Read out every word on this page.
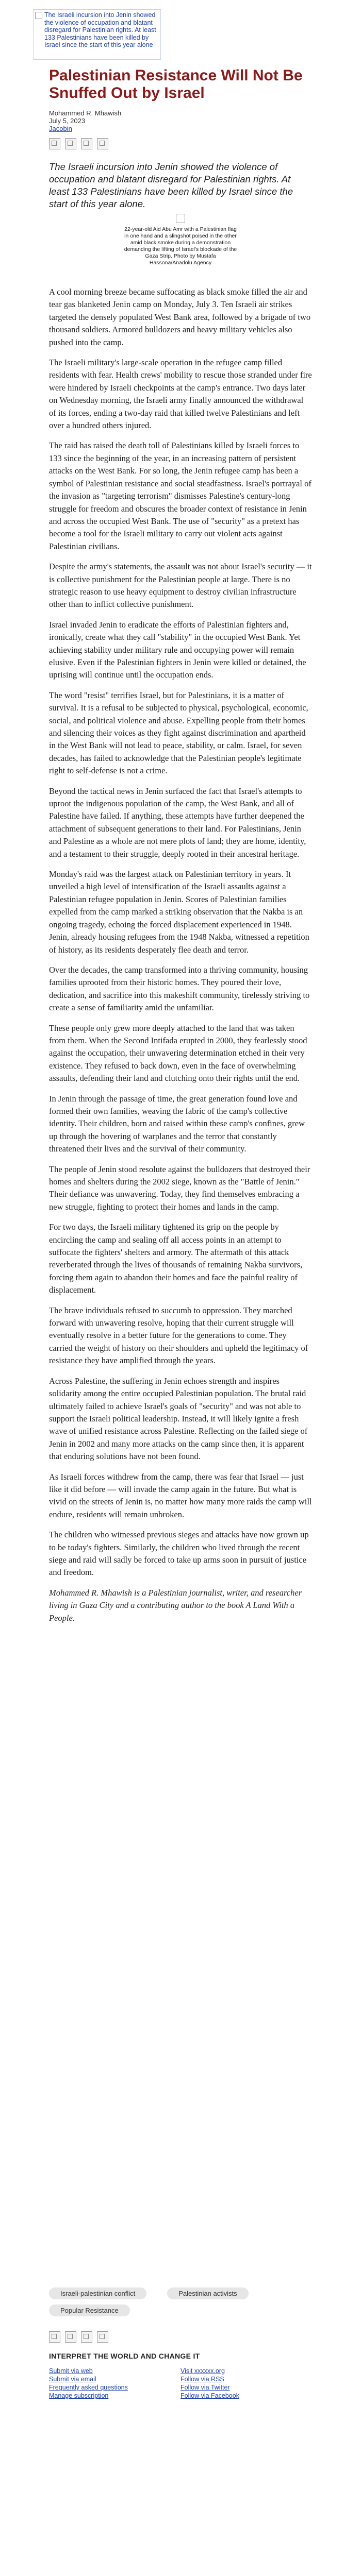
The Israeli incursion into Jenin showed the violence of occupation and blatant disregard for Palestinian rights. At least 133 Palestinians have been killed by Israel since the start of this year alone
Palestinian Resistance Will Not Be Snuffed Out by Israel
Mohammed R. Mhawish
July 5, 2023
Jacobin

The Israeli incursion into Jenin showed the violence of occupation and blatant disregard for Palestinian rights. At least 133 Palestinians have been killed by Israel since the start of this year alone.

22-year-old Aid Abu Amr with a Palestinian flag in one hand and a slingshot poised in the other amid black smoke during a demonstration demanding the lifting of Israel's blockade of the Gaza Strip. Photo by Mustafa Hassona/Anadolu Agency

A cool morning breeze became suffocating as black smoke filled the air and tear gas blanketed Jenin camp on Monday, July 3. Ten Israeli air strikes targeted the densely populated West Bank area, followed by a brigade of two thousand soldiers. Armored bulldozers and heavy military vehicles also pushed into the camp.

The Israeli military's large-scale operation in the refugee camp filled residents with fear. Health crews' mobility to rescue those stranded under fire were hindered by Israeli checkpoints at the camp's entrance. Two days later on Wednesday morning, the Israeli army finally announced the withdrawal of its forces, ending a two-day raid that killed twelve Palestinians and left over a hundred others injured.

The raid has raised the death toll of Palestinians killed by Israeli forces to 133 since the beginning of the year, in an increasing pattern of persistent attacks on the West Bank. For so long, the Jenin refugee camp has been a symbol of Palestinian resistance and social steadfastness. Israel's portrayal of the invasion as "targeting terrorism" dismisses Palestine's century-long struggle for freedom and obscures the broader context of resistance in Jenin and across the occupied West Bank. The use of "security" as a pretext has become a tool for the Israeli military to carry out violent acts against Palestinian civilians.

Despite the army's statements, the assault was not about Israel's security — it is collective punishment for the Palestinian people at large. There is no strategic reason to use heavy equipment to destroy civilian infrastructure other than to inflict collective punishment.

Israel invaded Jenin to eradicate the efforts of Palestinian fighters and, ironically, create what they call "stability" in the occupied West Bank. Yet achieving stability under military rule and occupying power will remain elusive. Even if the Palestinian fighters in Jenin were killed or detained, the uprising will continue until the occupation ends.

The word "resist" terrifies Israel, but for Palestinians, it is a matter of survival. It is a refusal to be subjected to physical, psychological, economic, social, and political violence and abuse. Expelling people from their homes and silencing their voices as they fight against discrimination and apartheid in the West Bank will not lead to peace, stability, or calm. Israel, for seven decades, has failed to acknowledge that the Palestinian people's legitimate right to self-defense is not a crime.

Beyond the tactical news in Jenin surfaced the fact that Israel's attempts to uproot the indigenous population of the camp, the West Bank, and all of Palestine have failed. If anything, these attempts have further deepened the attachment of subsequent generations to their land. For Palestinians, Jenin and Palestine as a whole are not mere plots of land; they are home, identity, and a testament to their struggle, deeply rooted in their ancestral heritage.

Monday's raid was the largest attack on Palestinian territory in years. It unveiled a high level of intensification of the Israeli assaults against a Palestinian refugee population in Jenin. Scores of Palestinian families expelled from the camp marked a striking observation that the Nakba is an ongoing tragedy, echoing the forced displacement experienced in 1948. Jenin, already housing refugees from the 1948 Nakba, witnessed a repetition of history, as its residents desperately flee death and terror.

Over the decades, the camp transformed into a thriving community, housing families uprooted from their historic homes. They poured their love, dedication, and sacrifice into this makeshift community, tirelessly striving to create a sense of familiarity amid the unfamiliar.

These people only grew more deeply attached to the land that was taken from them. When the Second Intifada erupted in 2000, they fearlessly stood against the occupation, their unwavering determination etched in their very existence. They refused to back down, even in the face of overwhelming assaults, defending their land and clutching onto their rights until the end.

In Jenin through the passage of time, the great generation found love and formed their own families, weaving the fabric of the camp's collective identity. Their children, born and raised within these camp's confines, grew up through the hovering of warplanes and the terror that constantly threatened their lives and the survival of their community.

The people of Jenin stood resolute against the bulldozers that destroyed their homes and shelters during the 2002 siege, known as the "Battle of Jenin." Their defiance was unwavering. Today, they find themselves embracing a new struggle, fighting to protect their homes and lands in the camp.

For two days, the Israeli military tightened its grip on the people by encircling the camp and sealing off all access points in an attempt to suffocate the fighters' shelters and armory. The aftermath of this attack reverberated through the lives of thousands of remaining Nakba survivors, forcing them again to abandon their homes and face the painful reality of displacement.

The brave individuals refused to succumb to oppression. They marched forward with unwavering resolve, hoping that their current struggle will eventually resolve in a better future for the generations to come. They carried the weight of history on their shoulders and upheld the legitimacy of resistance they have amplified through the years.

Across Palestine, the suffering in Jenin echoes strength and inspires solidarity among the entire occupied Palestinian population. The brutal raid ultimately failed to achieve Israel's goals of "security" and was not able to support the Israeli political leadership. Instead, it will likely ignite a fresh wave of unified resistance across Palestine. Reflecting on the failed siege of Jenin in 2002 and many more attacks on the camp since then, it is apparent that enduring solutions have not been found.

As Israeli forces withdrew from the camp, there was fear that Israel — just like it did before — will invade the camp again in the future. But what is vivid on the streets of Jenin is, no matter how many more raids the camp will endure, residents will remain unbroken.

The children who witnessed previous sieges and attacks have now grown up to be today's fighters. Similarly, the children who lived through the recent siege and raid will sadly be forced to take up arms soon in pursuit of justice and freedom.

Mohammed R. Mhawish is a Palestinian journalist, writer, and researcher living in Gaza City and a contributing author to the book A Land With a People.

Israeli-palestinian conflict	Palestinian activists
Popular Resistance
INTERPRET THE WORLD AND CHANGE IT
Submit via web
Submit via email
Frequently asked questions
Manage subscription
Visit xxxxxx.org
Follow via RSS
Follow via Twitter
Follow via Facebook
